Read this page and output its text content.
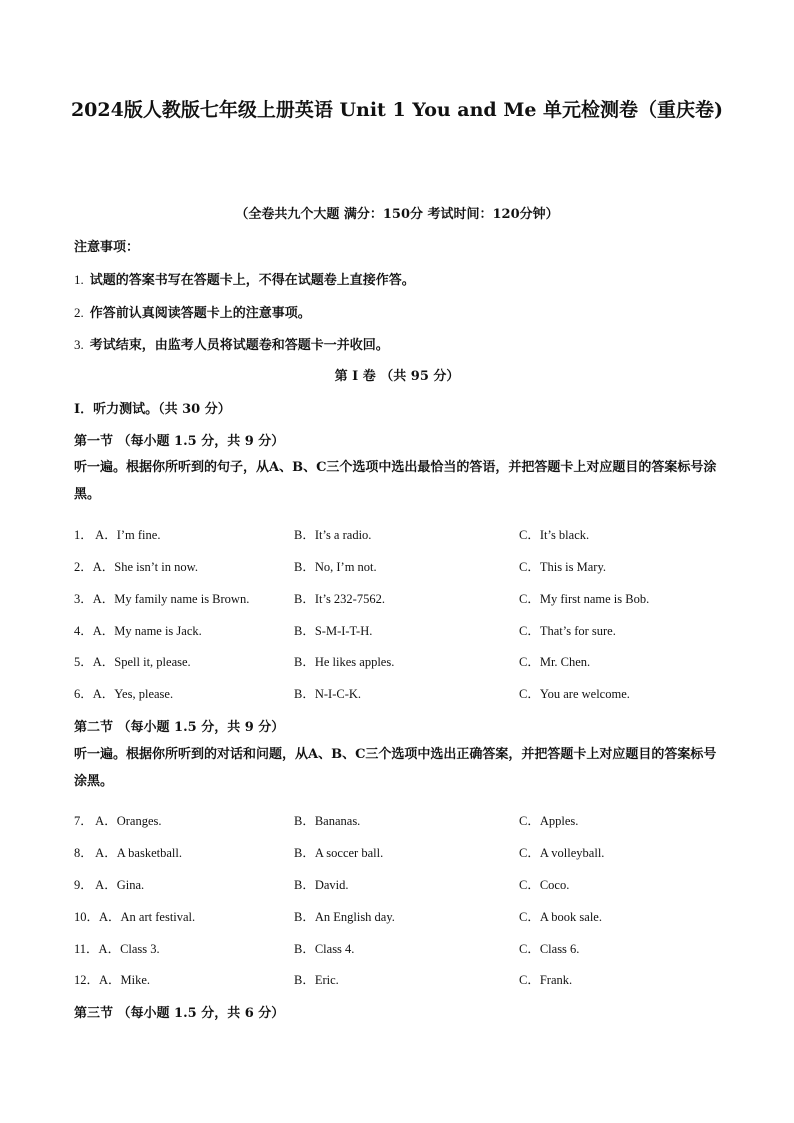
2024版人教版七年级上册英语 Unit 1 You and Me 单元检测卷（重庆卷)
（全卷共九个大题 满分：150分 考试时间：120分钟）
注意事项：
1. 试题的答案书写在答题卡上，不得在试题卷上直接作答。
2. 作答前认真阅读答题卡上的注意事项。
3. 考试结束，由监考人员将试题卷和答题卡一并收回。
第 I 卷 （共 95 分）
Ⅰ．听力测试。（共 30 分）
第一节 （每小题 1.5 分，共 9 分）
听一遍。根据你所听到的句子，从A、B、C三个选项中选出最恰当的答语，并把答题卡上对应题目的答案标号涂黑。
1． A．I’m fine.	B．It’s a radio.	C．It’s black.
2．A．She isn’t in now.	B．No, I’m not.	C．This is Mary.
3．A．My family name is Brown.	B．It’s 232-7562.	C．My first name is Bob.
4．A．My name is Jack.	B．S-M-I-T-H.	C．That’s for sure.
5．A．Spell it, please.	B．He likes apples.	C．Mr. Chen.
6．A．Yes, please.	B．N-I-C-K.	C．You are welcome.
第二节 （每小题 1.5 分，共 9 分）
听一遍。根据你所听到的对话和问题，从A、B、C三个选项中选出正确答案，并把答题卡上对应题目的答案标号涂黑。
7． A．Oranges.	B．Bananas.	C．Apples.
8． A．A basketball.	B．A soccer ball.	C．A volleyball.
9． A．Gina.	B．David.	C．Coco.
10．A．An art festival.	B．An English day.	C．A book sale.
11．A．Class 3.	B．Class 4.	C．Class 6.
12．A．Mike.	B．Eric.	C．Frank.
第三节 （每小题 1.5 分，共 6 分）
